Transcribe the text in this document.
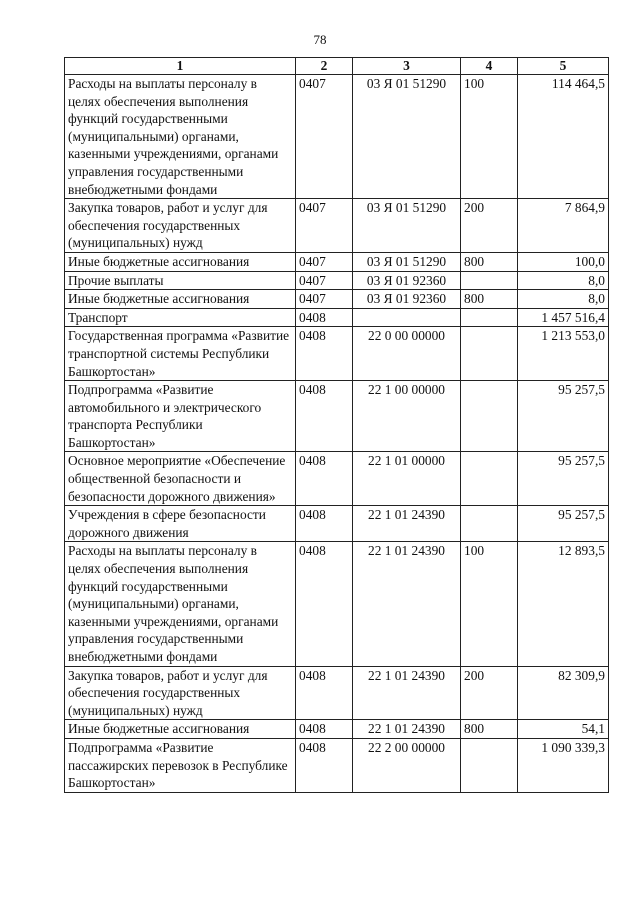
78
1	2	3	4	5
Расходы на выплаты персоналу в целях обеспечения выполнения функций государственными (муниципальными) органами, казенными учреждениями, органами управления государственными внебюджетными фондами	0407	03 Я 01 51290	100	114 464,5
Закупка товаров, работ и услуг для обеспечения государственных (муниципальных) нужд	0407	03 Я 01 51290	200	7 864,9
Иные бюджетные ассигнования	0407	03 Я 01 51290	800	100,0
Прочие выплаты	0407	03 Я 01 92360		8,0
Иные бюджетные ассигнования	0407	03 Я 01 92360	800	8,0
Транспорт	0408			1 457 516,4
Государственная программа «Развитие транспортной системы Республики Башкортостан»	0408	22 0 00 00000		1 213 553,0
Подпрограмма «Развитие автомобильного и электрического транспорта Республики Башкортостан»	0408	22 1 00 00000		95 257,5
Основное мероприятие «Обеспечение общественной безопасности и безопасности дорожного движения»	0408	22 1 01 00000		95 257,5
Учреждения в сфере безопасности дорожного движения	0408	22 1 01 24390		95 257,5
Расходы на выплаты персоналу в целях обеспечения выполнения функций государственными (муниципальными) органами, казенными учреждениями, органами управления государственными внебюджетными фондами	0408	22 1 01 24390	100	12 893,5
Закупка товаров, работ и услуг для обеспечения государственных (муниципальных) нужд	0408	22 1 01 24390	200	82 309,9
Иные бюджетные ассигнования	0408	22 1 01 24390	800	54,1
Подпрограмма «Развитие пассажирских перевозок в Республике Башкортостан»	0408	22 2 00 00000		1 090 339,3
